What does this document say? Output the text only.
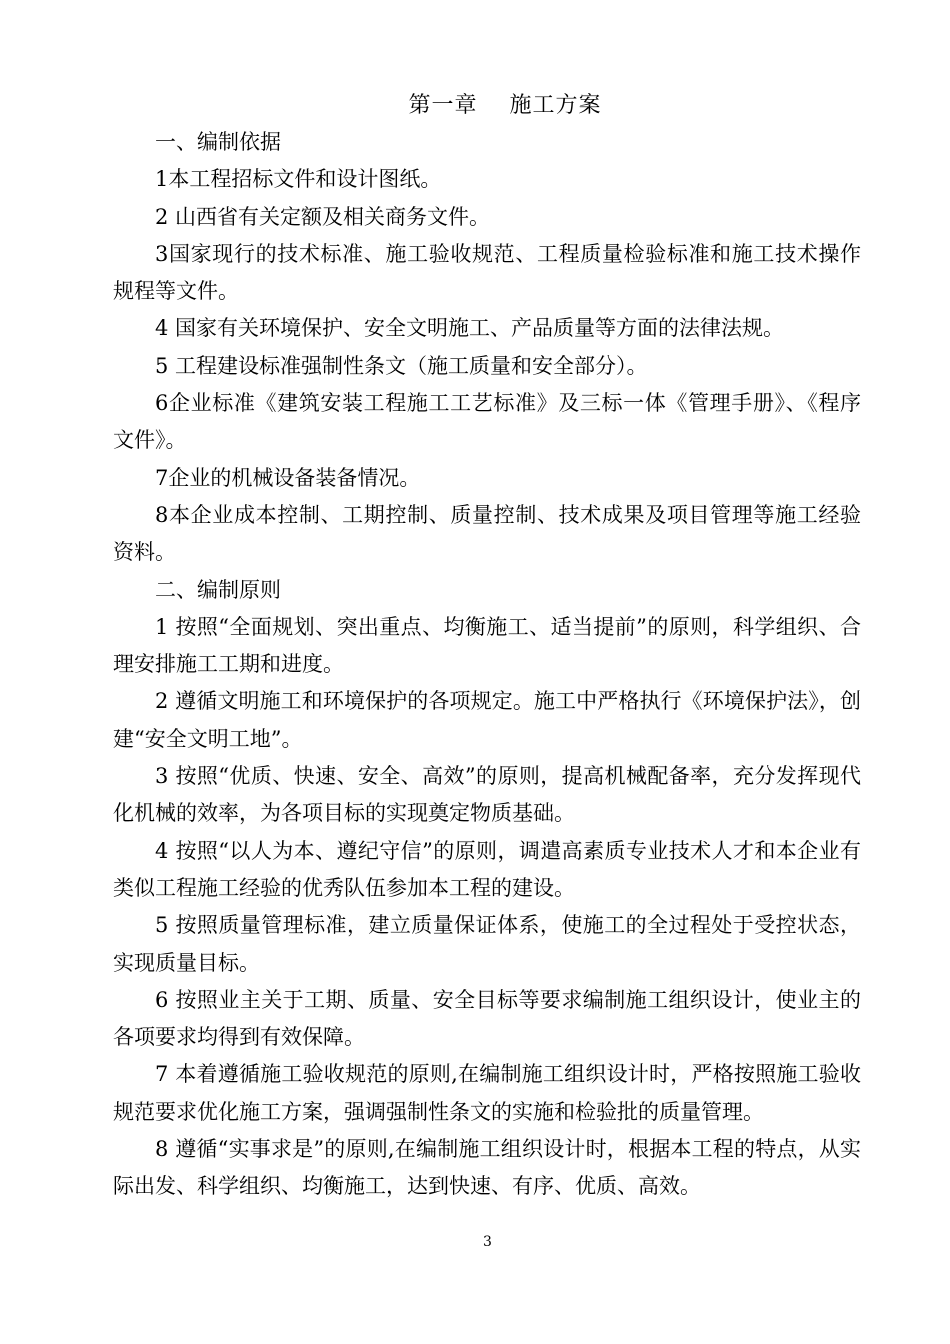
第一章    施工方案

一、编制依据

1本工程招标文件和设计图纸。

2 山西省有关定额及相关商务文件。

3国家现行的技术标准、施工验收规范、工程质量检验标准和施工技术操作规程等文件。

4 国家有关环境保护、安全文明施工、产品质量等方面的法律法规。

5 工程建设标准强制性条文（施工质量和安全部分）。

6企业标准《建筑安装工程施工工艺标准》及三标一体《管理手册》、《程序文件》。

7企业的机械设备装备情况。

8本企业成本控制、工期控制、质量控制、技术成果及项目管理等施工经验资料。

二、编制原则

1 按照“全面规划、突出重点、均衡施工、适当提前”的原则，科学组织、合理安排施工工期和进度。

2 遵循文明施工和环境保护的各项规定。施工中严格执行《环境保护法》，创建“安全文明工地”。

3 按照“优质、快速、安全、高效”的原则，提高机械配备率，充分发挥现代化机械的效率，为各项目标的实现奠定物质基础。

4 按照“以人为本、遵纪守信”的原则，调遣高素质专业技术人才和本企业有类似工程施工经验的优秀队伍参加本工程的建设。

5 按照质量管理标准，建立质量保证体系，使施工的全过程处于受控状态，实现质量目标。

6 按照业主关于工期、质量、安全目标等要求编制施工组织设计，使业主的各项要求均得到有效保障。

7 本着遵循施工验收规范的原则,在编制施工组织设计时，严格按照施工验收规范要求优化施工方案，强调强制性条文的实施和检验批的质量管理。

8 遵循“实事求是”的原则,在编制施工组织设计时，根据本工程的特点，从实际出发、科学组织、均衡施工，达到快速、有序、优质、高效。

3
